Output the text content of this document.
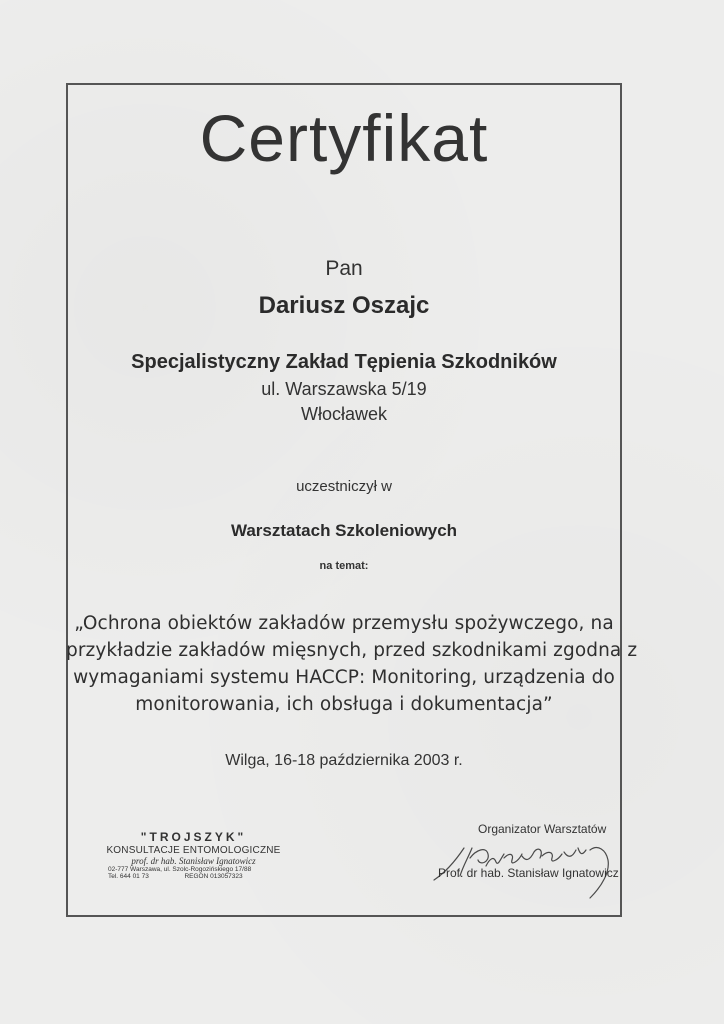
Certyfikat
Pan
Dariusz Oszajc
Specjalistyczny Zakład Tępienia Szkodników
ul. Warszawska 5/19
Włocławek
uczestniczył w
Warsztatach Szkoleniowych
na temat:
„Ochrona obiektów zakładów przemysłu spożywczego, na
przykładzie zakładów mięsnych, przed szkodnikami zgodna z
wymaganiami systemu HACCP: Monitoring, urządzenia do
monitorowania, ich obsługa i dokumentacja”
Wilga, 16-18 października 2003 r.
"TROJSZYK"
KONSULTACJE ENTOMOLOGICZNE
prof. dr hab. Stanisław Ignatowicz
02-777 Warszawa, ul. Szolc-Rogozińskiego 17/88
Tel. 644 01 73	REGON 013057323
Organizator Warsztatów
Prof. dr hab. Stanisław Ignatowicz
